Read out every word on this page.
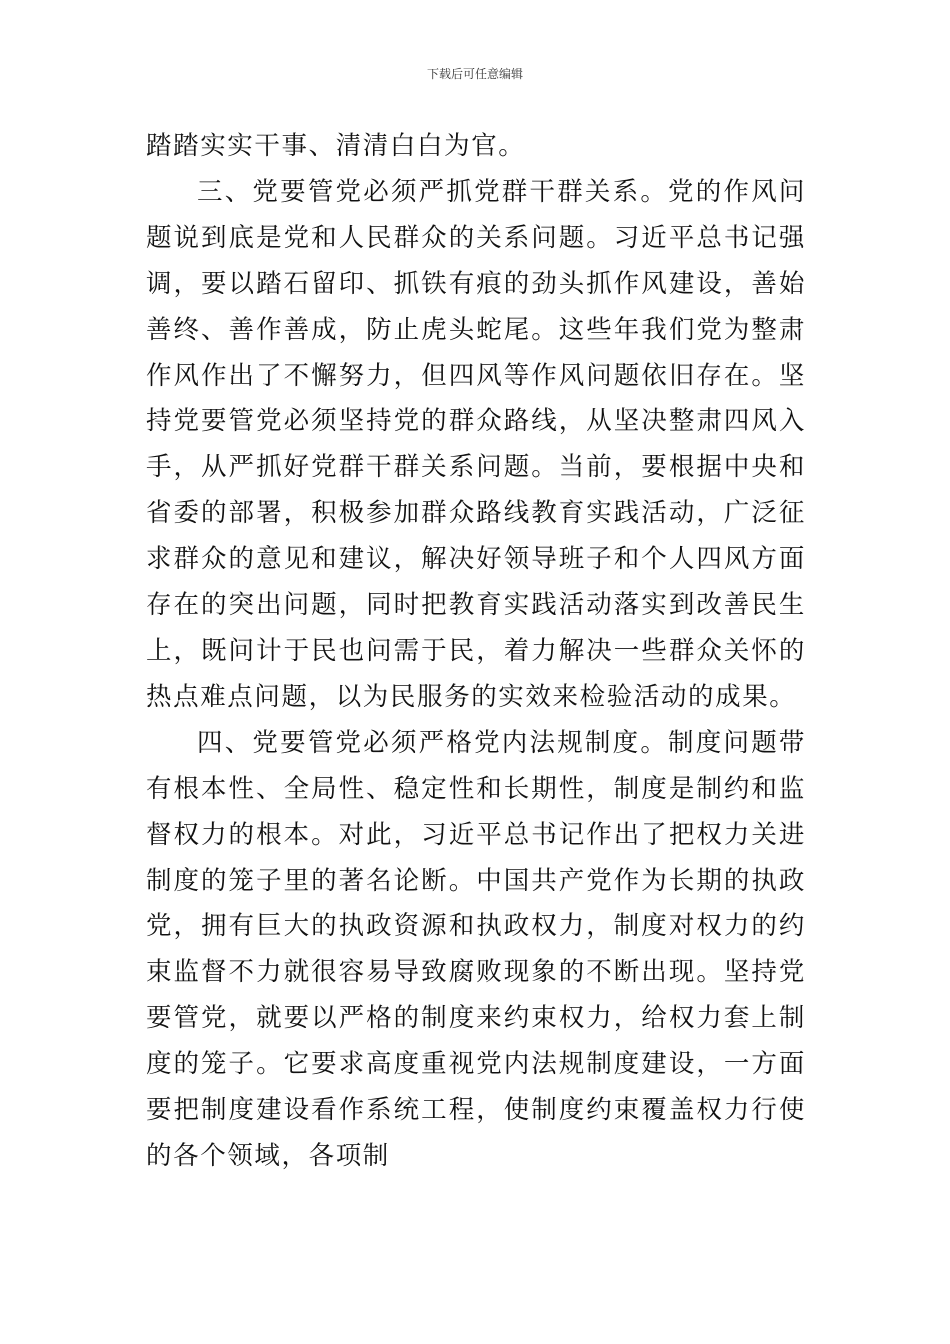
下载后可任意编辑

踏踏实实干事、清清白白为官。

三、党要管党必须严抓党群干群关系。党的作风问题说到底是党和人民群众的关系问题。习近平总书记强调，要以踏石留印、抓铁有痕的劲头抓作风建设，善始善终、善作善成，防止虎头蛇尾。这些年我们党为整肃作风作出了不懈努力，但四风等作风问题依旧存在。坚持党要管党必须坚持党的群众路线，从坚决整肃四风入手，从严抓好党群干群关系问题。当前，要根据中央和省委的部署，积极参加群众路线教育实践活动，广泛征求群众的意见和建议，解决好领导班子和个人四风方面存在的突出问题，同时把教育实践活动落实到改善民生上，既问计于民也问需于民，着力解决一些群众关怀的热点难点问题，以为民服务的实效来检验活动的成果。

四、党要管党必须严格党内法规制度。制度问题带有根本性、全局性、稳定性和长期性，制度是制约和监督权力的根本。对此，习近平总书记作出了把权力关进制度的笼子里的著名论断。中国共产党作为长期的执政党，拥有巨大的执政资源和执政权力，制度对权力的约束监督不力就很容易导致腐败现象的不断出现。坚持党要管党，就要以严格的制度来约束权力，给权力套上制度的笼子。它要求高度重视党内法规制度建设，一方面要把制度建设看作系统工程，使制度约束覆盖权力行使的各个领域，各项制
